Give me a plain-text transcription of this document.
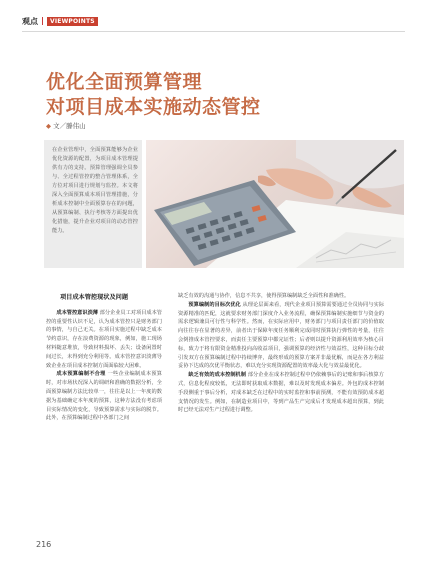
观点	VIEWPOINTS
优化全面预算管理
对项目成本实施动态管控
◆ 文／滕伟山
在企业管理中，全面预算能够为企业优化资源的配置，为项目成本管理提供有力的支持。预算管理强调全员参与、全过程管控的整合管理体系，全方位对项目进行规划与监控。本文将深入全面预算成本项目管理措施，分析成本控制中全面预算存在的问题，从预算编制、执行考核等方面提出优化措施，提升企业对项目的动态管控能力。
项目成本管控现状及问题

成本管控意识淡薄 部分企业员工对项目成本管控的重要性认识不足，认为成本管控只是财务部门的事情，与自己无关。在项目实施过程中缺乏成本节约意识，存在浪费资源的现象，例如，施工现场材料随意堆放，导致材料损坏、丢失；设备闲置时间过长，未得到充分利用等。成本管控意识淡薄导致企业在项目成本控制方面面临较大困难。

成本预算编制不合理 一些企业编制成本预算时，对市场状况深入的调研和准确的数据分析，全面预算编制方法比较单一，往往是以上一年度的数据为基础确定本年度的预算，这种方法没有考虑项目实际情况的变化，导致预算需求与实际的脱节。此外，在预算编制过程中各部门之间

缺乏有效的沟通与协作，信息不共享，使得预算编制缺乏全面性和准确性。

预算编制的目标次优化 从理论层面来看，现代企业项目预算需要通过全员协同与实际资源精准的匹配，这就要求财务部门深度介入业务流程，确保预算编制实施细节与资金的需求逻辑兼具可行性与科学性。然而，在实际应用中，财务部门与项目责任部门的价值取向往往存在显著的差异，前者出于保障年度任务顺利完成同时预算执行弹性的考量，往往会倒推成本管控要求，而责任主要预算中都完证性；后者则以提升资源利用效率为核心目标，致力于将有限资金精准投向高收益项目，强调预算的经济性与效益性，这种目标分歧引发双方在预算编制过程中持续博弈，最终形成的预算方案并非最优解，而是在各方利益妥协下达成的次优平衡状态，难以充分实现资源配置的效率最大化与效益最优化。

缺乏有效的成本控制机制 部分企业在成本控制过程中仍依赖事后的记账和事后核算方式，信息化程度较低，无法即时获取成本数据，难以及时发现成本偏差。外包的成本控制手段侧重于事后分析，对成本缺乏在过程中的实时监控和事前预测，不能有效预防成本超支情况的发生。例如，在制造业项目中，等到产品生产完成后才发现成本超出预算，到此时已经无法对生产过程进行调整。

216
